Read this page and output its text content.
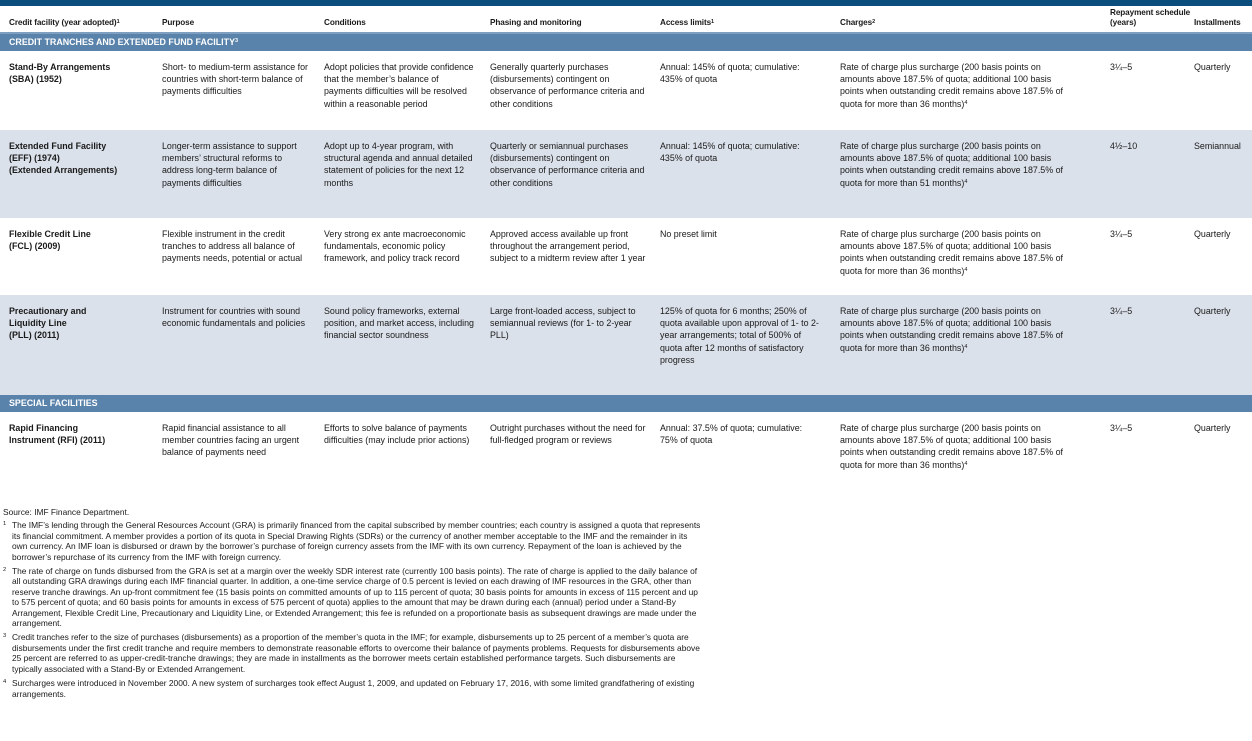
Credit facility (year adopted)$^1$	Purpose	Conditions	Phasing and monitoring	Access limits$^1$	Charges$^2$	Repayment schedule (years)	Installments
CREDIT TRANCHES AND EXTENDED FUND FACILITY$^3$

Stand-By Arrangements
(SBA) (1952)	Short- to medium-term assistance for countries with short-term balance of payments difficulties	Adopt policies that provide confidence that the member’s balance of payments difficulties will be resolved within a reasonable period	Generally quarterly purchases (disbursements) contingent on observance of performance criteria and other conditions	Annual: 145% of quota; cumulative: 435% of quota	Rate of charge plus surcharge (200 basis points on amounts above 187.5% of quota; additional 100 basis points when outstanding credit remains above 187.5% of quota for more than 36 months)$^4$	3¼–5	Quarterly

Extended Fund Facility
(EFF) (1974)
(Extended Arrangements)	Longer-term assistance to support members’ structural reforms to address long-term balance of payments difficulties	Adopt up to 4-year program, with structural agenda and annual detailed statement of policies for the next 12 months	Quarterly or semiannual purchases (disbursements) contingent on observance of performance criteria and other conditions	Annual: 145% of quota; cumulative: 435% of quota	Rate of charge plus surcharge (200 basis points on amounts above 187.5% of quota; additional 100 basis points when outstanding credit remains above 187.5% of quota for more than 51 months)$^4$	4½–10	Semiannual

Flexible Credit Line
(FCL) (2009)	Flexible instrument in the credit tranches to address all balance of payments needs, potential or actual	Very strong ex ante macroeconomic fundamentals, economic policy framework, and policy track record	Approved access available up front throughout the arrangement period, subject to a midterm review after 1 year	No preset limit	Rate of charge plus surcharge (200 basis points on amounts above 187.5% of quota; additional 100 basis points when outstanding credit remains above 187.5% of quota for more than 36 months)$^4$	3¼–5	Quarterly

Precautionary and
Liquidity Line
(PLL) (2011)	Instrument for countries with sound economic fundamentals and policies	Sound policy frameworks, external position, and market access, including financial sector soundness	Large front-loaded access, subject to semiannual reviews (for 1- to 2-year PLL)	125% of quota for 6 months; 250% of quota available upon approval of 1- to 2-year arrangements; total of 500% of quota after 12 months of satisfactory progress	Rate of charge plus surcharge (200 basis points on amounts above 187.5% of quota; additional 100 basis points when outstanding credit remains above 187.5% of quota for more than 36 months)$^4$	3¼–5	Quarterly
SPECIAL FACILITIES							

Rapid Financing
Instrument (RFI) (2011)	Rapid financial assistance to all member countries facing an urgent balance of payments need	Efforts to solve balance of payments difficulties (may include prior actions)	Outright purchases without the need for full-fledged program or reviews	Annual: 37.5% of quota; cumulative: 75% of quota	Rate of charge plus surcharge (200 basis points on amounts above 187.5% of quota; additional 100 basis points when outstanding credit remains above 187.5% of quota for more than 36 months)$^4$	3¼–5	Quarterly
Source: IMF Finance Department.
1 The IMF’s lending through the General Resources Account (GRA) is primarily financed from the capital subscribed by member countries; each country is assigned a quota that represents its financial commitment. A member provides a portion of its quota in Special Drawing Rights (SDRs) or the currency of another member acceptable to the IMF and the remainder in its own currency. An IMF loan is disbursed or drawn by the borrower’s purchase of foreign currency assets from the IMF with its own currency. Repayment of the loan is achieved by the borrower’s repurchase of its currency from the IMF with foreign currency.
2 The rate of charge on funds disbursed from the GRA is set at a margin over the weekly SDR interest rate (currently 100 basis points). The rate of charge is applied to the daily balance of all outstanding GRA drawings during each IMF financial quarter. In addition, a one-time service charge of 0.5 percent is levied on each drawing of IMF resources in the GRA, other than reserve tranche drawings. An up-front commitment fee (15 basis points on committed amounts of up to 115 percent of quota; 30 basis points for amounts in excess of 115 percent and up to 575 percent of quota; and 60 basis points for amounts in excess of 575 percent of quota) applies to the amount that may be drawn during each (annual) period under a Stand-By Arrangement, Flexible Credit Line, Precautionary and Liquidity Line, or Extended Arrangement; this fee is refunded on a proportionate basis as subsequent drawings are made under the arrangement.
3 Credit tranches refer to the size of purchases (disbursements) as a proportion of the member’s quota in the IMF; for example, disbursements up to 25 percent of a member’s quota are disbursements under the first credit tranche and require members to demonstrate reasonable efforts to overcome their balance of payments problems. Requests for disbursements above 25 percent are referred to as upper-credit-tranche drawings; they are made in installments as the borrower meets certain established performance targets. Such disbursements are typically associated with a Stand-By or Extended Arrangement.
4 Surcharges were introduced in November 2000. A new system of surcharges took effect August 1, 2009, and updated on February 17, 2016, with some limited grandfathering of existing arrangements.
